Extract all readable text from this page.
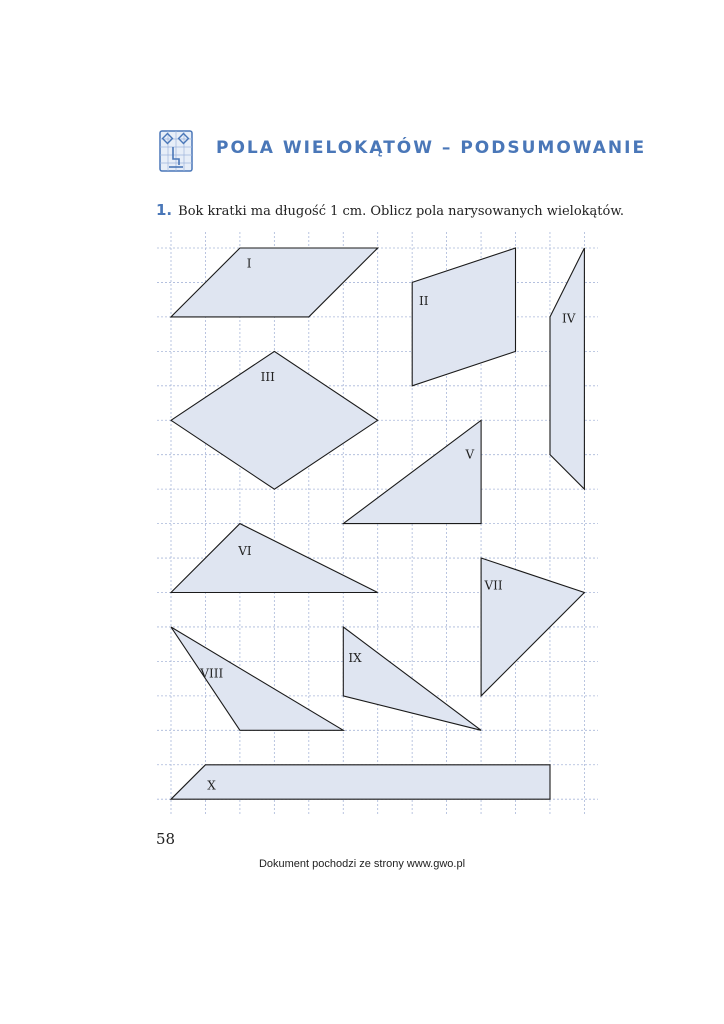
POLA WIELOKĄTÓW – PODSUMOWANIE
1. Bok kratki ma długość 1 cm. Oblicz pola narysowanych wielokątów.
I
II
III
IV
V
VI
VII
VIII
IX
X
58
Dokument pochodzi ze strony www.gwo.pl
